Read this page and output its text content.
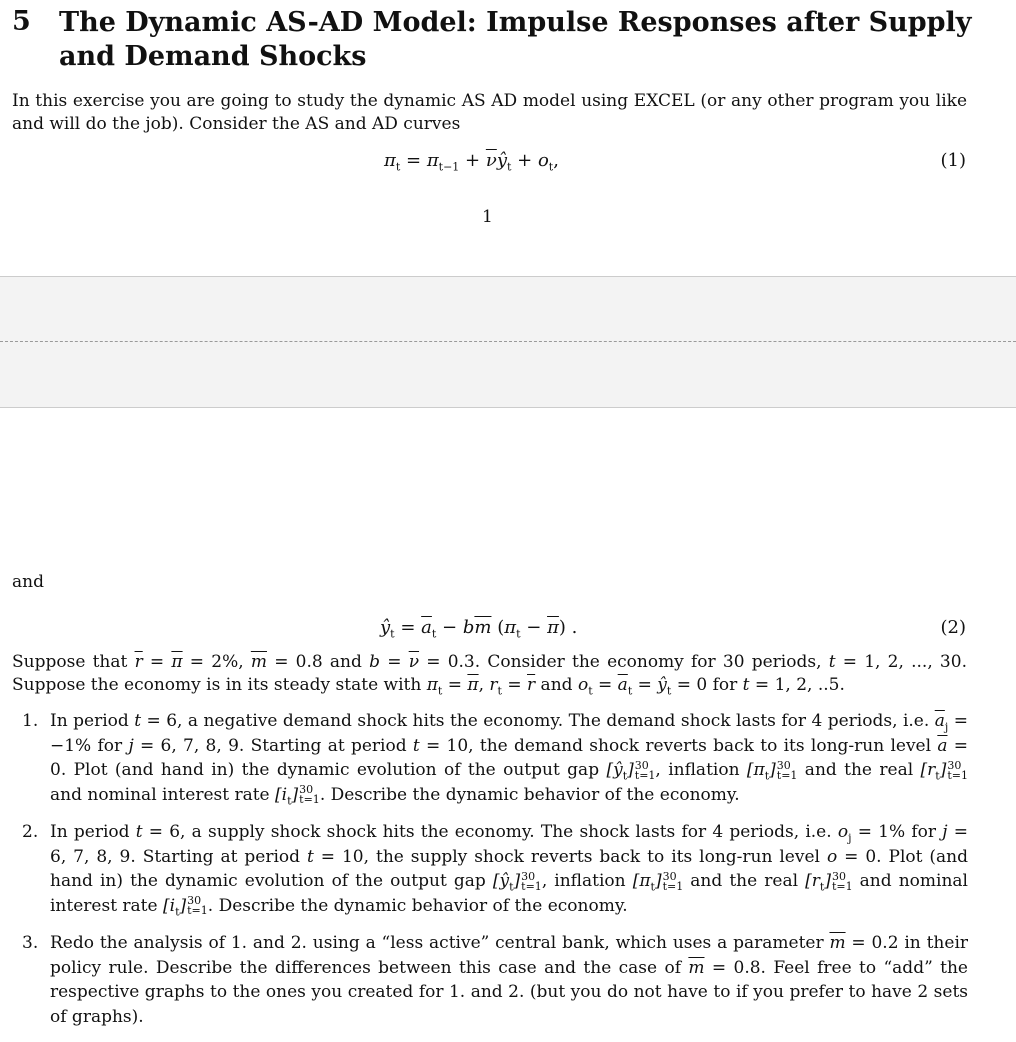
5 The Dynamic AS-AD Model: Impulse Responses after Supply and Demand Shocks

In this exercise you are going to study the dynamic AS AD model using EXCEL (or any other program you like and will do the job). Consider the AS and AD curves

$\pi_t = \pi_{t-1}$ + $\overline{\nu}ŷ_t + o_t$,	(1)
1

and

$ŷ_t = \overline{a}_t - b\overline{m}$ $(\pi_t - \overline{\pi})$ .	(2)

Suppose that $\overline{r} = \overline{\pi} = 2\%$, $\overline{m} = 0.8$ and $b = \overline{\nu} = 0.3$. Consider the economy for 30 periods, t = 1, 2, ..., 30. Suppose the economy is in its steady state with $\pi_t = \overline{\pi}$, $r_t = \overline{r}$ and $o_t = \overline{a}_t$ = $ŷ_t = 0$ for t = 1, 2, ..5.

1. In period t = 6, a negative demand shock hits the economy. The demand shock lasts for 4 periods, i.e. $\overline{a}_j = -1\%$ for j = 6, 7, 8, 9. Starting at period t = 10, the demand shock reverts back to its long-run level $\overline{a} = 0$. Plot (and hand in) the dynamic evolution of the output gap $[ŷ_t]30$
t=1, inflation $[\pi_t]30$
t=1 and the real $[r_t]30$
t=1 and nominal interest rate $[i_t]30$
t=1. Describe the dynamic behavior of the economy.
2. In period t = 6, a supply shock shock hits the economy. The shock lasts for 4 periods, i.e. $o_j = 1\%$ for j = 6, 7, 8, 9. Starting at period t = 10, the supply shock reverts back to its long-run level o = 0. Plot (and hand in) the dynamic evolution of the output gap $[ŷ_t]30$
t=1, inflation $[\pi_t]30$
t=1 and the real $[r_t]30$
t=1 and nominal interest rate $[i_t]30$
t=1. Describe the dynamic behavior of the economy.
3. Redo the analysis of 1. and 2. using a “less active” central bank, which uses a parameter $\overline{m} = 0.2$ in their policy rule. Describe the differences between this case and the case of $\overline{m} = 0.8$. Feel free to “add” the respective graphs to the ones you created for 1. and 2. (but you do not have to if you prefer to have 2 sets of graphs).
